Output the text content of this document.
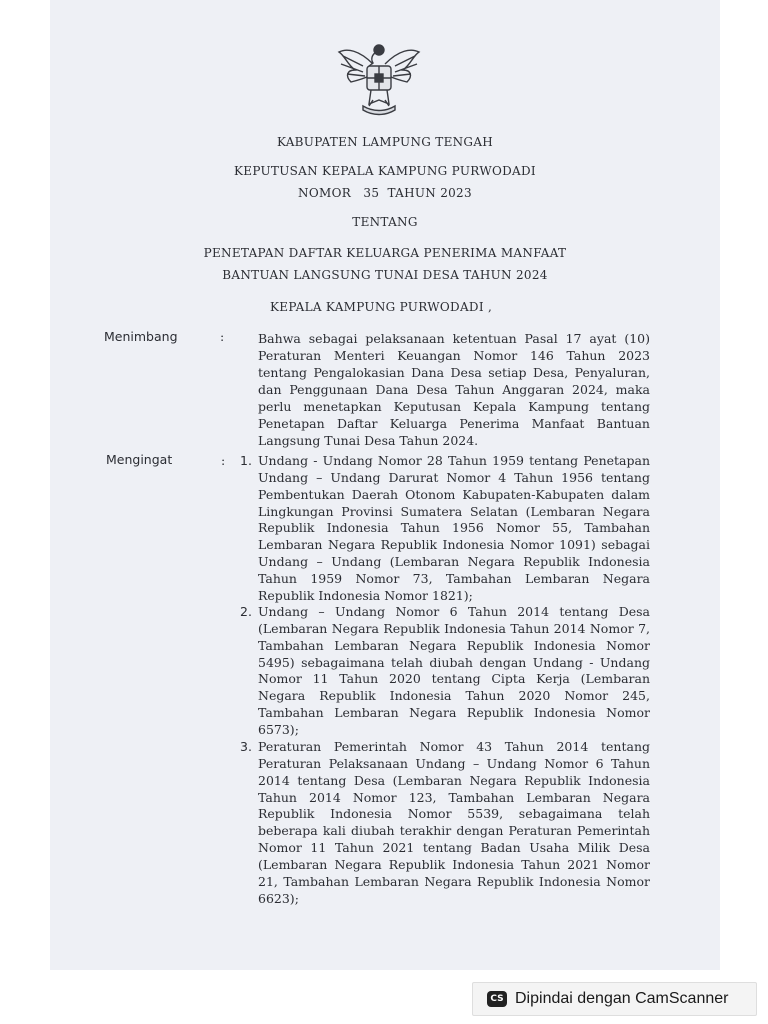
KABUPATEN LAMPUNG TENGAH
KEPUTUSAN KEPALA KAMPUNG PURWODADI
NOMOR   35  TAHUN 2023
TENTANG
PENETAPAN DAFTAR KELUARGA PENERIMA MANFAAT
BANTUAN LANGSUNG TUNAI DESA TAHUN 2024
KEPALA KAMPUNG PURWODADI ,
Menimbang	:	Bahwa sebagai pelaksanaan ketentuan Pasal 17 ayat (10) Peraturan Menteri Keuangan Nomor 146 Tahun 2023 tentang Pengalokasian Dana Desa setiap Desa, Penyaluran, dan Penggunaan Dana Desa Tahun Anggaran 2024, maka perlu menetapkan Keputusan Kepala Kampung tentang Penetapan Daftar Keluarga Penerima Manfaat Bantuan Langsung Tunai Desa Tahun 2024.

Mengingat	: 1. Undang - Undang Nomor 28 Tahun 1959 tentang Penetapan Undang – Undang Darurat Nomor 4 Tahun 1956 tentang Pembentukan Daerah Otonom Kabupaten-Kabupaten dalam Lingkungan Provinsi Sumatera Selatan (Lembaran Negara Republik Indonesia Tahun 1956 Nomor 55, Tambahan Lembaran Negara Republik Indonesia Nomor 1091) sebagai Undang – Undang (Lembaran Negara Republik Indonesia Tahun 1959 Nomor 73, Tambahan Lembaran Negara Republik Indonesia Nomor 1821);

2. Undang – Undang Nomor 6 Tahun 2014 tentang Desa (Lembaran Negara Republik Indonesia Tahun 2014 Nomor 7, Tambahan Lembaran Negara Republik Indonesia Nomor 5495) sebagaimana telah diubah dengan Undang - Undang Nomor 11 Tahun 2020 tentang Cipta Kerja (Lembaran Negara Republik Indonesia Tahun 2020 Nomor 245, Tambahan Lembaran Negara Republik Indonesia Nomor 6573);

3. Peraturan Pemerintah Nomor 43 Tahun 2014 tentang Peraturan Pelaksanaan Undang – Undang Nomor 6 Tahun 2014 tentang Desa (Lembaran Negara Republik Indonesia Tahun 2014 Nomor 123, Tambahan Lembaran Negara Republik Indonesia Nomor 5539, sebagaimana telah beberapa kali diubah terakhir dengan Peraturan Pemerintah Nomor 11 Tahun 2021 tentang Badan Usaha Milik Desa (Lembaran Negara Republik Indonesia Tahun 2021 Nomor 21, Tambahan Lembaran Negara Republik Indonesia Nomor 6623);

CS Dipindai dengan CamScanner
